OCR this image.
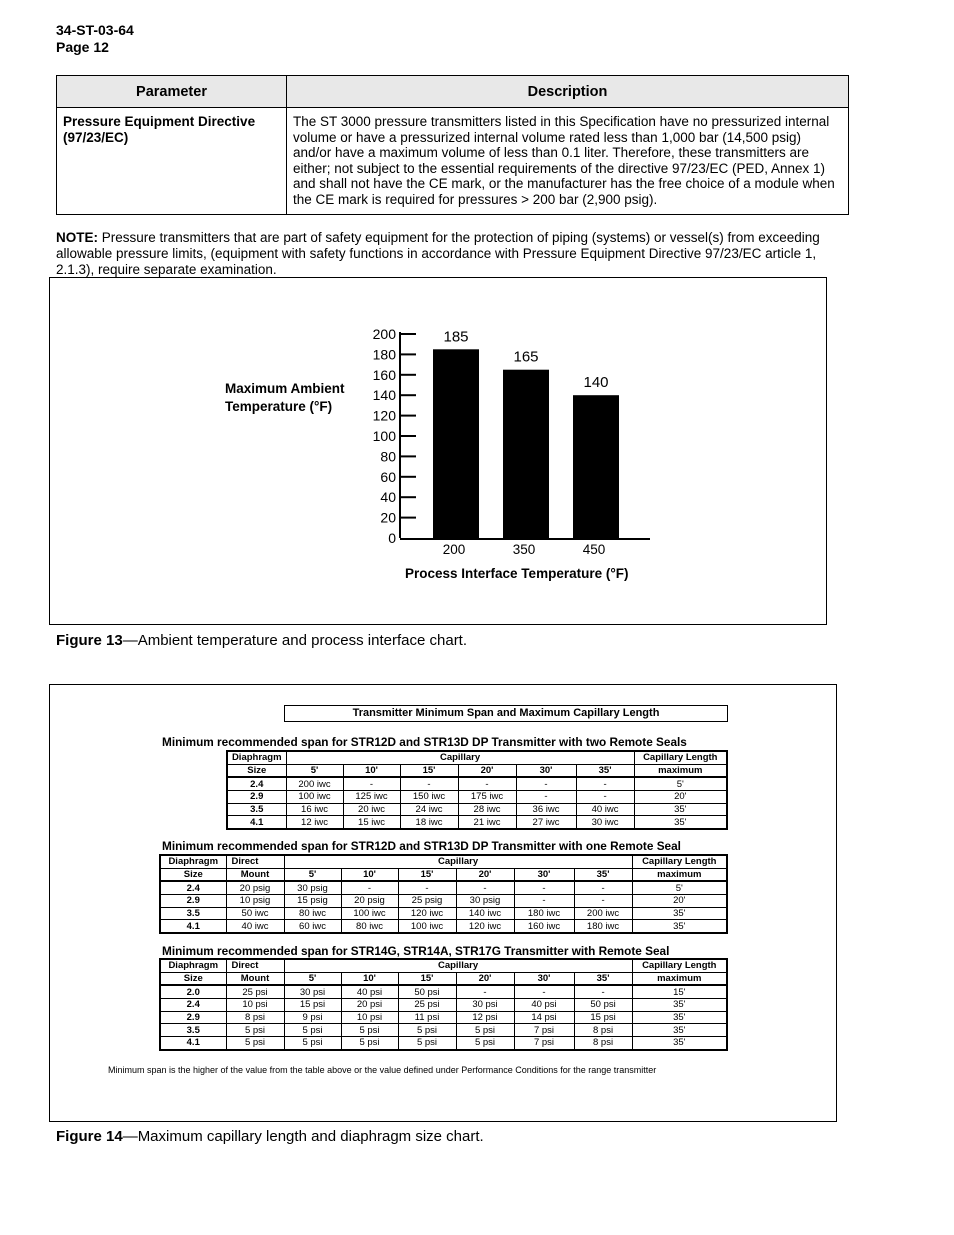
34-ST-03-64
Page 12
Parameter	Description
Pressure Equipment Directive (97/23/EC)	The ST 3000 pressure transmitters listed in this Specification have no pressurized internal volume or have a pressurized internal volume rated less than 1,000 bar (14,500 psig) and/or have a maximum volume of less than 0.1 liter. Therefore, these transmitters are either; not subject to the essential requirements of the directive 97/23/EC (PED, Annex 1) and shall not have the CE mark, or the manufacturer has the free choice of a module when the CE mark is required for pressures > 200 bar (2,900 psig).
NOTE: Pressure transmitters that are part of safety equipment for the protection of piping (systems) or vessel(s) from exceeding allowable pressure limits, (equipment with safety functions in accordance with Pressure Equipment Directive 97/23/EC article 1, 2.1.3), require separate examination.
Maximum Ambient
Temperature (°F)
0
20
40
60
80
100
120
140
160
180
200	185
200
165
350
140
450
Process Interface Temperature (°F)
Figure 13—Ambient temperature and process interface chart.
Transmitter Minimum Span and Maximum Capillary Length
Minimum recommended span for STR12D and STR13D DP Transmitter with two Remote Seals
Diaphragm	Capillary						Capillary Length
Size	5'	10'	15'	20'	30'	35'	maximum
2.4	200 iwc	-	-	-	-	-	5'
2.9	100 iwc	125 iwc	150 iwc	175 iwc	-	-	20'
3.5	16 iwc	20 iwc	24 iwc	28 iwc	36 iwc	40 iwc	35'
4.1	12 iwc	15 iwc	18 iwc	21 iwc	27 iwc	30 iwc	35'
Minimum recommended span for STR12D and STR13D DP Transmitter with one Remote Seal
Diaphragm	Direct	Capillary						Capillary Length
Size	Mount	5'	10'	15'	20'	30'	35'	maximum
2.4	20 psig	30 psig	-	-	-	-	-	5'
2.9	10 psig	15 psig	20 psig	25 psig	30 psig	-	-	20'
3.5	50 iwc	80 iwc	100 iwc	120 iwc	140 iwc	180 iwc	200 iwc	35'
4.1	40 iwc	60 iwc	80 iwc	100 iwc	120 iwc	160 iwc	180 iwc	35'
Minimum recommended span for STR14G, STR14A, STR17G Transmitter with Remote Seal
Diaphragm	Direct	Capillary						Capillary Length
Size	Mount	5'	10'	15'	20'	30'	35'	maximum
2.0	25 psi	30 psi	40 psi	50 psi	-	-	-	15'
2.4	10 psi	15 psi	20 psi	25 psi	30 psi	40 psi	50 psi	35'
2.9	8 psi	9 psi	10 psi	11 psi	12 psi	14 psi	15 psi	35'
3.5	5 psi	5 psi	5 psi	5 psi	5 psi	7 psi	8 psi	35'
4.1	5 psi	5 psi	5 psi	5 psi	5 psi	7 psi	8 psi	35'
Minimum span is the higher of the value from the table above or the value defined under Performance Conditions for the range transmitter
Figure 14—Maximum capillary length and diaphragm size chart.
